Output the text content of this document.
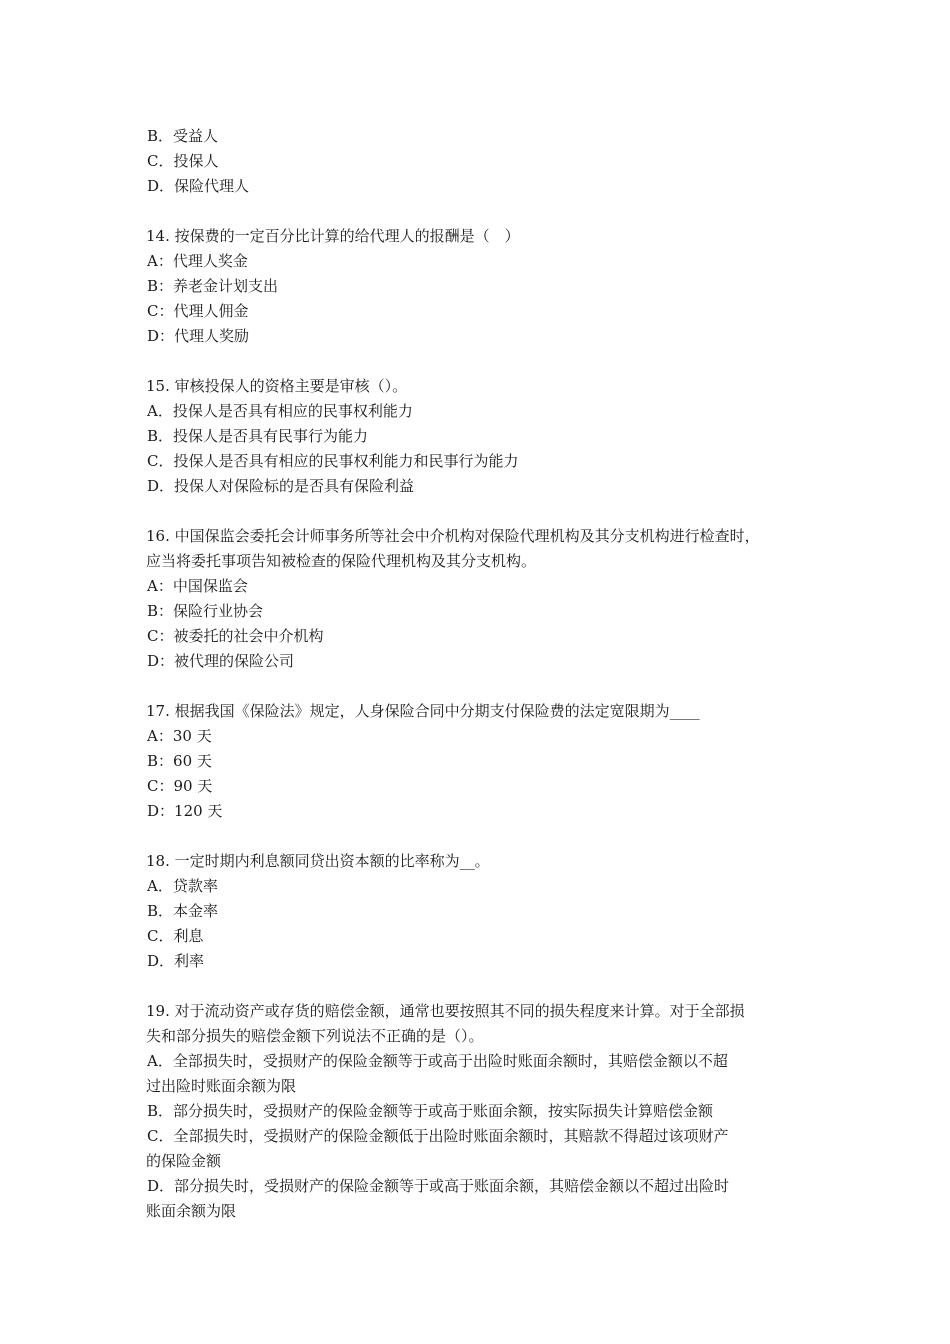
B．受益人
C．投保人
D．保险代理人
14. 按保费的一定百分比计算的给代理人的报酬是（　）
A：代理人奖金
B：养老金计划支出
C：代理人佣金
D：代理人奖励
15. 审核投保人的资格主要是审核（）。
A．投保人是否具有相应的民事权利能力
B．投保人是否具有民事行为能力
C．投保人是否具有相应的民事权利能力和民事行为能力
D．投保人对保险标的是否具有保险利益
16. 中国保监会委托会计师事务所等社会中介机构对保险代理机构及其分支机构进行检查时，
应当将委托事项告知被检查的保险代理机构及其分支机构。
A：中国保监会
B：保险行业协会
C：被委托的社会中介机构
D：被代理的保险公司
17. 根据我国《保险法》规定，人身保险合同中分期支付保险费的法定宽限期为____
A：30 天
B：60 天
C：90 天
D：120 天
18. 一定时期内利息额同贷出资本额的比率称为__。
A．贷款率
B．本金率
C．利息
D．利率
19. 对于流动资产或存货的赔偿金额，通常也要按照其不同的损失程度来计算。对于全部损
失和部分损失的赔偿金额下列说法不正确的是（）。
A．全部损失时，受损财产的保险金额等于或高于出险时账面余额时，其赔偿金额以不超
过出险时账面余额为限
B．部分损失时，受损财产的保险金额等于或高于账面余额，按实际损失计算赔偿金额
C．全部损失时，受损财产的保险金额低于出险时账面余额时，其赔款不得超过该项财产
的保险金额
D．部分损失时，受损财产的保险金额等于或高于账面余额，其赔偿金额以不超过出险时
账面余额为限
